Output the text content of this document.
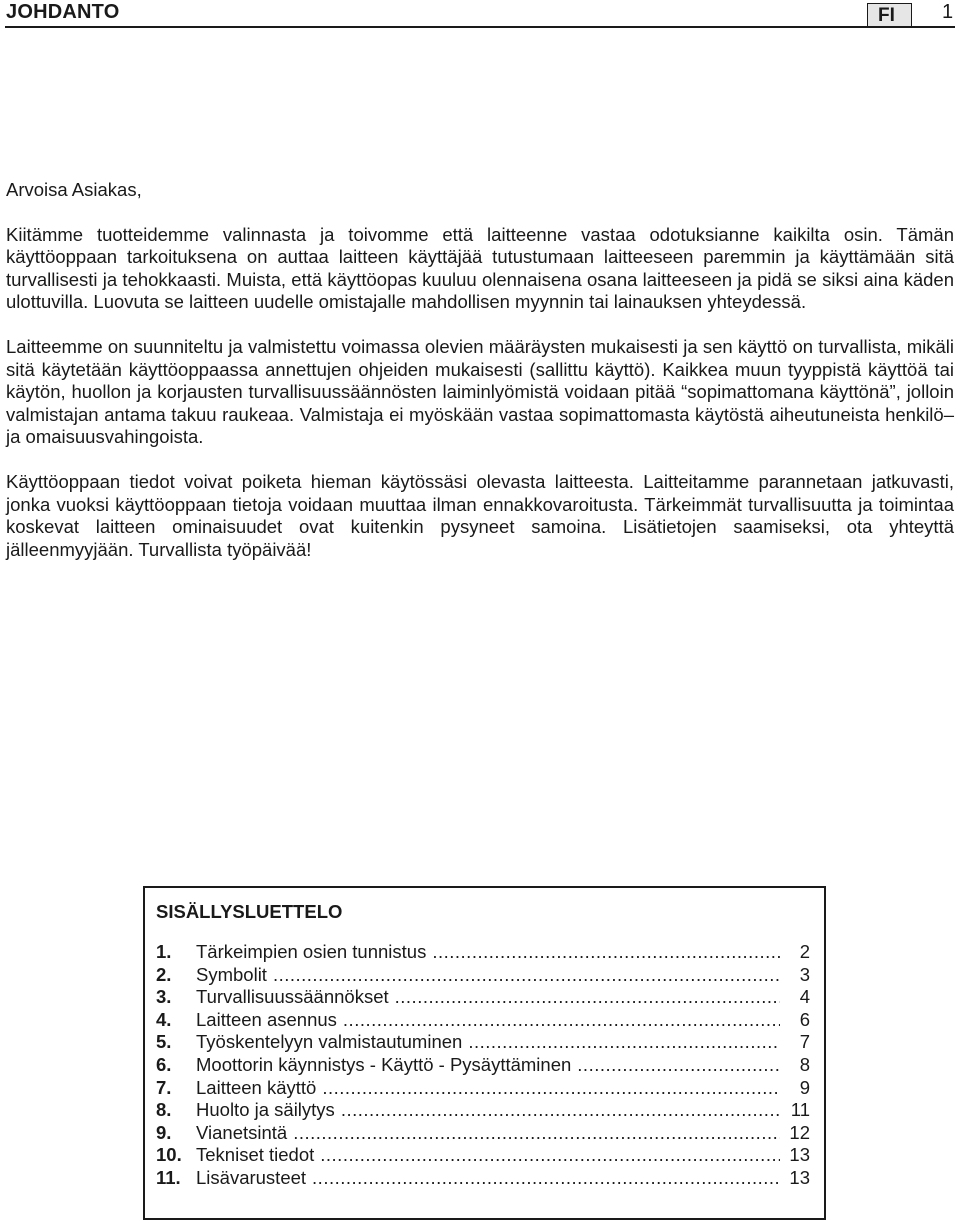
JOHDANTO	FI	1

Arvoisa Asiakas,

Kiitämme tuotteidemme valinnasta ja toivomme että laitteenne vastaa odotuksianne kaikilta osin. Tämän käyttöoppaan tarkoituksena on auttaa laitteen käyttäjää tutustumaan laitteeseen paremmin ja käyttämään sitä turvallisesti ja tehokkaasti. Muista, että käyttöopas kuuluu olennaisena osana laitteeseen ja pidä se siksi aina käden ulottuvilla. Luovuta se laitteen uudelle omistajalle mahdollisen myynnin tai lainauksen yhteydessä.

Laitteemme on suunniteltu ja valmistettu voimassa olevien määräysten mukaisesti ja sen käyttö on turvallista, mikäli sitä käytetään käyttöoppaassa annettujen ohjeiden mukaisesti (sallittu käyttö). Kaikkea muun tyyppistä käyttöä tai käytön, huollon ja korjausten turvallisuussäännösten laiminlyömistä voidaan pitää “sopimattomana käyttönä”, jolloin valmistajan antama takuu raukeaa. Valmistaja ei myöskään vastaa sopimattomasta käytöstä aiheutuneista henkilö– ja omaisuusvahingoista.

Käyttöoppaan tiedot voivat poiketa hieman käytössäsi olevasta laitteesta. Laitteitamme parannetaan jatkuvasti, jonka vuoksi käyttöoppaan tietoja voidaan muuttaa ilman ennakkovaroitusta. Tärkeimmät turvallisuutta ja toimintaa koskevat laitteen ominaisuudet ovat kuitenkin pysyneet samoina. Lisätietojen saamiseksi, ota yhteyttä jälleenmyyjään. Turvallista työpäivää!

SISÄLLYSLUETTELO
1.	Tärkeimpien osien tunnistus .....	2
2.	Symbolit .....	3
3.	Turvallisuussäännökset .....	4
4.	Laitteen asennus .....	6
5.	Työskentelyyn valmistautuminen .....	7
6.	Moottorin käynnistys - Käyttö - Pysäyttäminen .....	8
7.	Laitteen käyttö .....	9
8.	Huolto ja säilytys .....	11
9.	Vianetsintä .....	12
10. Tekniset tiedot .....	13
11. Lisävarusteet .....	13
